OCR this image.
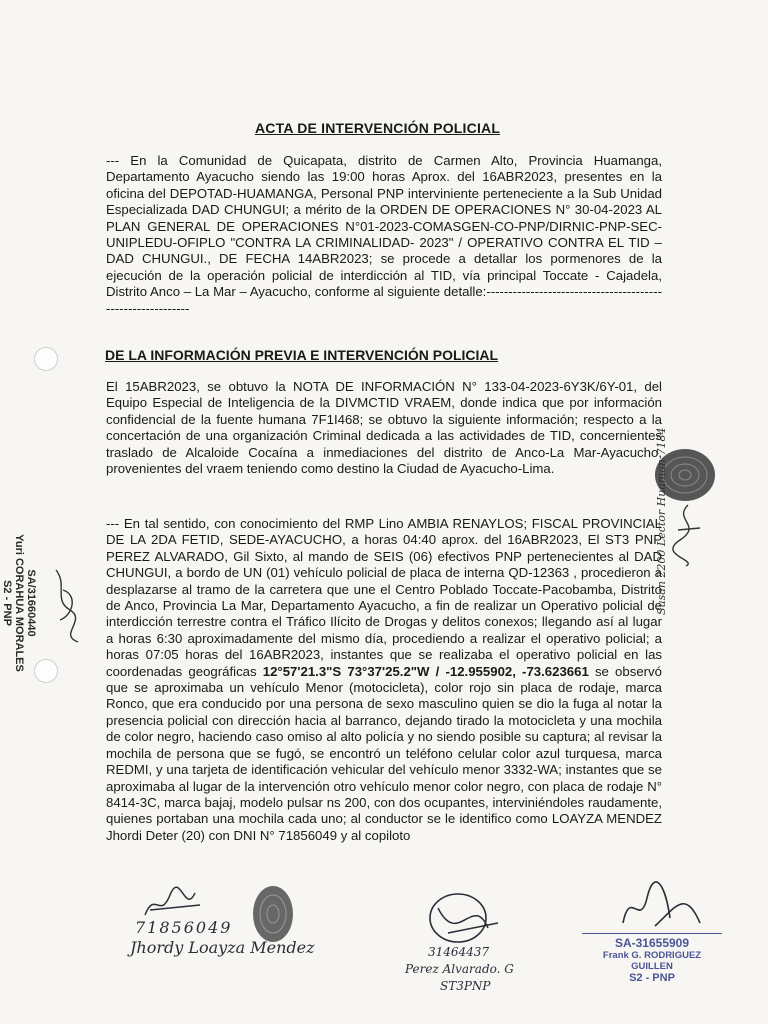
ACTA DE INTERVENCIÓN POLICIAL

--- En la Comunidad de Quicapata, distrito de Carmen Alto, Provincia Huamanga, Departamento Ayacucho siendo las 19:00 horas Aprox. del 16ABR2023, presentes en la oficina del DEPOTAD-HUAMANGA, Personal PNP interviniente perteneciente a la Sub Unidad Especializada DAD CHUNGUI; a mérito de la ORDEN DE OPERACIONES N° 30-04-2023 AL PLAN GENERAL DE OPERACIONES N°01-2023-COMASGEN-CO-PNP/DIRNIC-PNP-SEC-UNIPLEDU-OFIPLO "CONTRA LA CRIMINALIDAD- 2023" / OPERATIVO CONTRA EL TID –DAD CHUNGUI., DE FECHA 14ABR2023; se procede a detallar los pormenores de la ejecución de la operación policial de interdicción al TID, vía principal Toccate - Cajadela, Distrito Anco – La Mar – Ayacucho, conforme al siguiente detalle:-----------------------------------------------------------

DE LA INFORMACIÓN PREVIA E INTERVENCIÓN POLICIAL

El 15ABR2023, se obtuvo la NOTA DE INFORMACIÓN N° 133-04-2023-6Y3K/6Y-01, del Equipo Especial de Inteligencia de la DIVMCTID VRAEM, donde indica que por información confidencial de la fuente humana 7F1I468; se obtuvo la siguiente información; respecto a la concertación de una organización Criminal dedicada a las actividades de TID, concernientes traslado de Alcaloide Cocaína a inmediaciones del distrito de Anco-La Mar-Ayacucho, provenientes del vraem teniendo como destino la Ciudad de Ayacucho-Lima.

--- En tal sentido, con conocimiento del RMP Lino AMBIA RENAYLOS; FISCAL PROVINCIAL DE LA 2DA FETID, SEDE-AYACUCHO, a horas 04:40 aprox. del 16ABR2023, El ST3 PNP PEREZ ALVARADO, Gil Sixto, al mando de SEIS (06) efectivos PNP pertenecientes al DAD CHUNGUI, a bordo de UN (01) vehículo policial de placa de interna QD-12363 , procedieron a desplazarse al tramo de la carretera que une el Centro Poblado Toccate-Pacobamba, Distrito de Anco, Provincia La Mar, Departamento Ayacucho, a fin de realizar un Operativo policial de interdicción terrestre contra el Tráfico Ilícito de Drogas y delitos conexos; llegando así al lugar a horas 6:30 aproximadamente del mismo día, procediendo a realizar el operativo policial; a horas 07:05 horas del 16ABR2023, instantes que se realizaba el operativo policial en las coordenadas geográficas 12°57'21.3"S 73°37'25.2"W / -12.955902, -73.623661 se observó que se aproximaba un vehículo Menor (motocicleta), color rojo sin placa de rodaje, marca Ronco, que era conducido por una persona de sexo masculino quien se dio la fuga al notar la presencia policial con dirección hacia al barranco, dejando tirado la motocicleta y una mochila de color negro, haciendo caso omiso al alto policía y no siendo posible su captura; al revisar la mochila de persona que se fugó, se encontró un teléfono celular color azul turquesa, marca REDMI, y una tarjeta de identificación vehicular del vehículo menor 3332-WA; instantes que se aproximaba al lugar de la intervención otro vehículo menor color negro, con placa de rodaje N° 8414-3C, marca bajaj, modelo pulsar ns 200, con dos ocupantes, interviniéndoles raudamente, quienes portaban una mochila cada uno; al conductor se le identifico como LOAYZA MENDEZ Jhordi Deter (20) con DNI N° 71856049 y al copiloto

SA/31660440
Yuri CORAHUA MORALES
S2 - PNP	Susan 2200 Lector Huaman 7184
71856049
Jhordy Loayza Mendez	31464437
Perez Alvarado. G
ST3PNP
SA-31655909
Frank G. RODRIGUEZ GUILLEN
S2 - PNP
